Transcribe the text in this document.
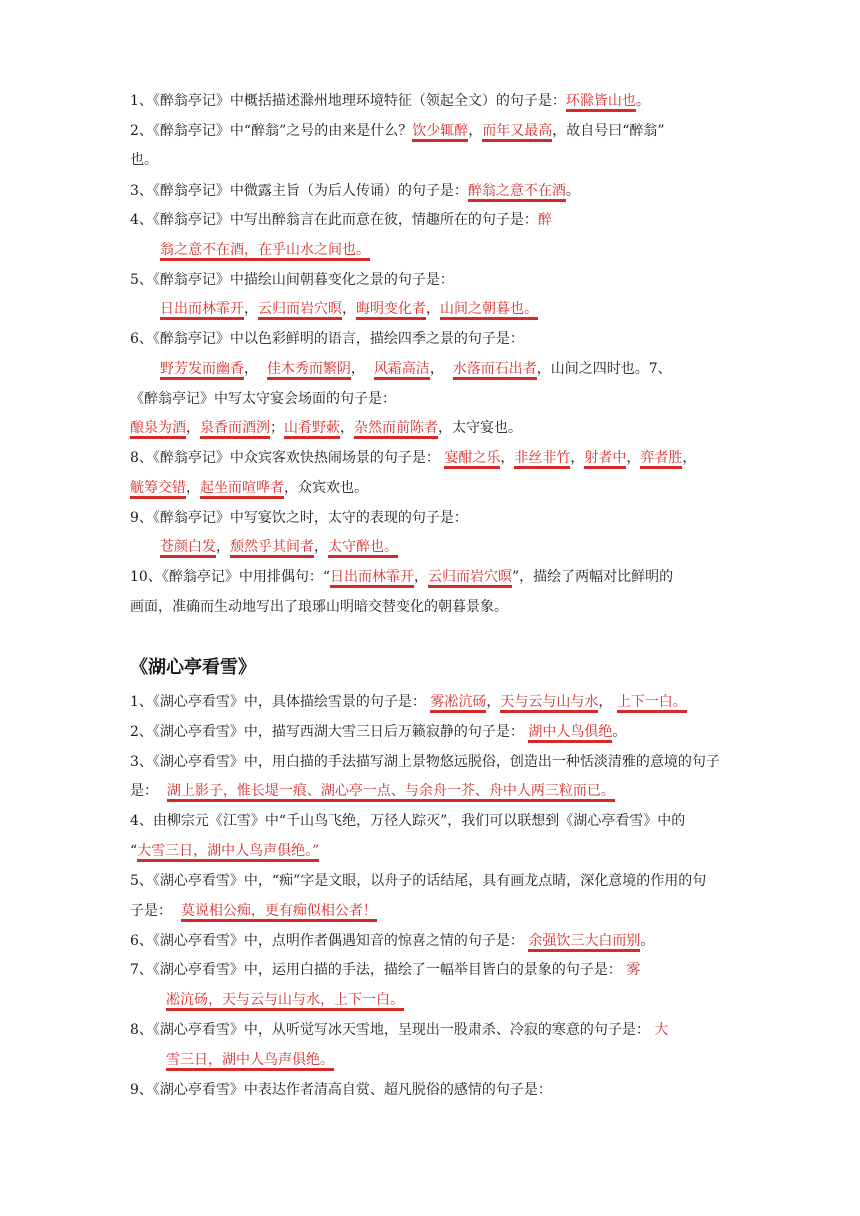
1、《醉翁亭记》中概括描述滁州地理环境特征（领起全文）的句子是：环滁皆山也。
2、《醉翁亭记》中“醉翁”之号的由来是什么？饮少辄醉，而年又最高，故自号曰“醉翁”
也。
3、《醉翁亭记》中微露主旨（为后人传诵）的句子是：醉翁之意不在酒。
4、《醉翁亭记》中写出醉翁言在此而意在彼，情趣所在的句子是：醉
翁之意不在酒，在乎山水之间也。
5、《醉翁亭记》中描绘山间朝暮变化之景的句子是：
日出而林霏开，云归而岩穴暝，晦明变化者，山间之朝暮也。
6、《醉翁亭记》中以色彩鲜明的语言，描绘四季之景的句子是：
野芳发而幽香， 佳木秀而繁阴， 风霜高洁， 水落而石出者，山间之四时也。7、
《醉翁亭记》中写太守宴会场面的句子是：
酿泉为酒，泉香而酒洌；山肴野蔌，杂然而前陈者，太守宴也。
8、《醉翁亭记》中众宾客欢快热闹场景的句子是： 宴酣之乐，非丝非竹，射者中，弈者胜，
觥筹交错，起坐而喧哗者，众宾欢也。
9、《醉翁亭记》中写宴饮之时，太守的表现的句子是：
苍颜白发，颓然乎其间者，太守醉也。
10、《醉翁亭记》中用排偶句：“日出而林霏开，云归而岩穴暝”，描绘了两幅对比鲜明的
画面，准确而生动地写出了琅琊山明暗交替变化的朝暮景象。
《湖心亭看雪》
1、《湖心亭看雪》中，具体描绘雪景的句子是： 雾凇沆砀，天与云与山与水， 上下一白。
2、《湖心亭看雪》中，描写西湖大雪三日后万籁寂静的句子是： 湖中人鸟俱绝。
3、《湖心亭看雪》中，用白描的手法描写湖上景物悠远脱俗，创造出一种恬淡清雅的意境的句子
是： 湖上影子，惟长堤一痕、湖心亭一点、与余舟一芥、舟中人两三粒而已。
4、由柳宗元《江雪》中“千山鸟飞绝，万径人踪灭”，我们可以联想到《湖心亭看雪》中的
“大雪三日，湖中人鸟声俱绝。”
5、《湖心亭看雪》中，“痴”字是文眼，以舟子的话结尾，具有画龙点睛，深化意境的作用的句
子是： 莫说相公痴，更有痴似相公者！
6、《湖心亭看雪》中，点明作者偶遇知音的惊喜之情的句子是： 余强饮三大白而别。
7、《湖心亭看雪》中，运用白描的手法，描绘了一幅举目皆白的景象的句子是： 雾
凇沆砀，天与云与山与水，上下一白。
8、《湖心亭看雪》中，从听觉写冰天雪地，呈现出一股肃杀、冷寂的寒意的句子是： 大
雪三日，湖中人鸟声俱绝。
9、《湖心亭看雪》中表达作者清高自赏、超凡脱俗的感情的句子是：
